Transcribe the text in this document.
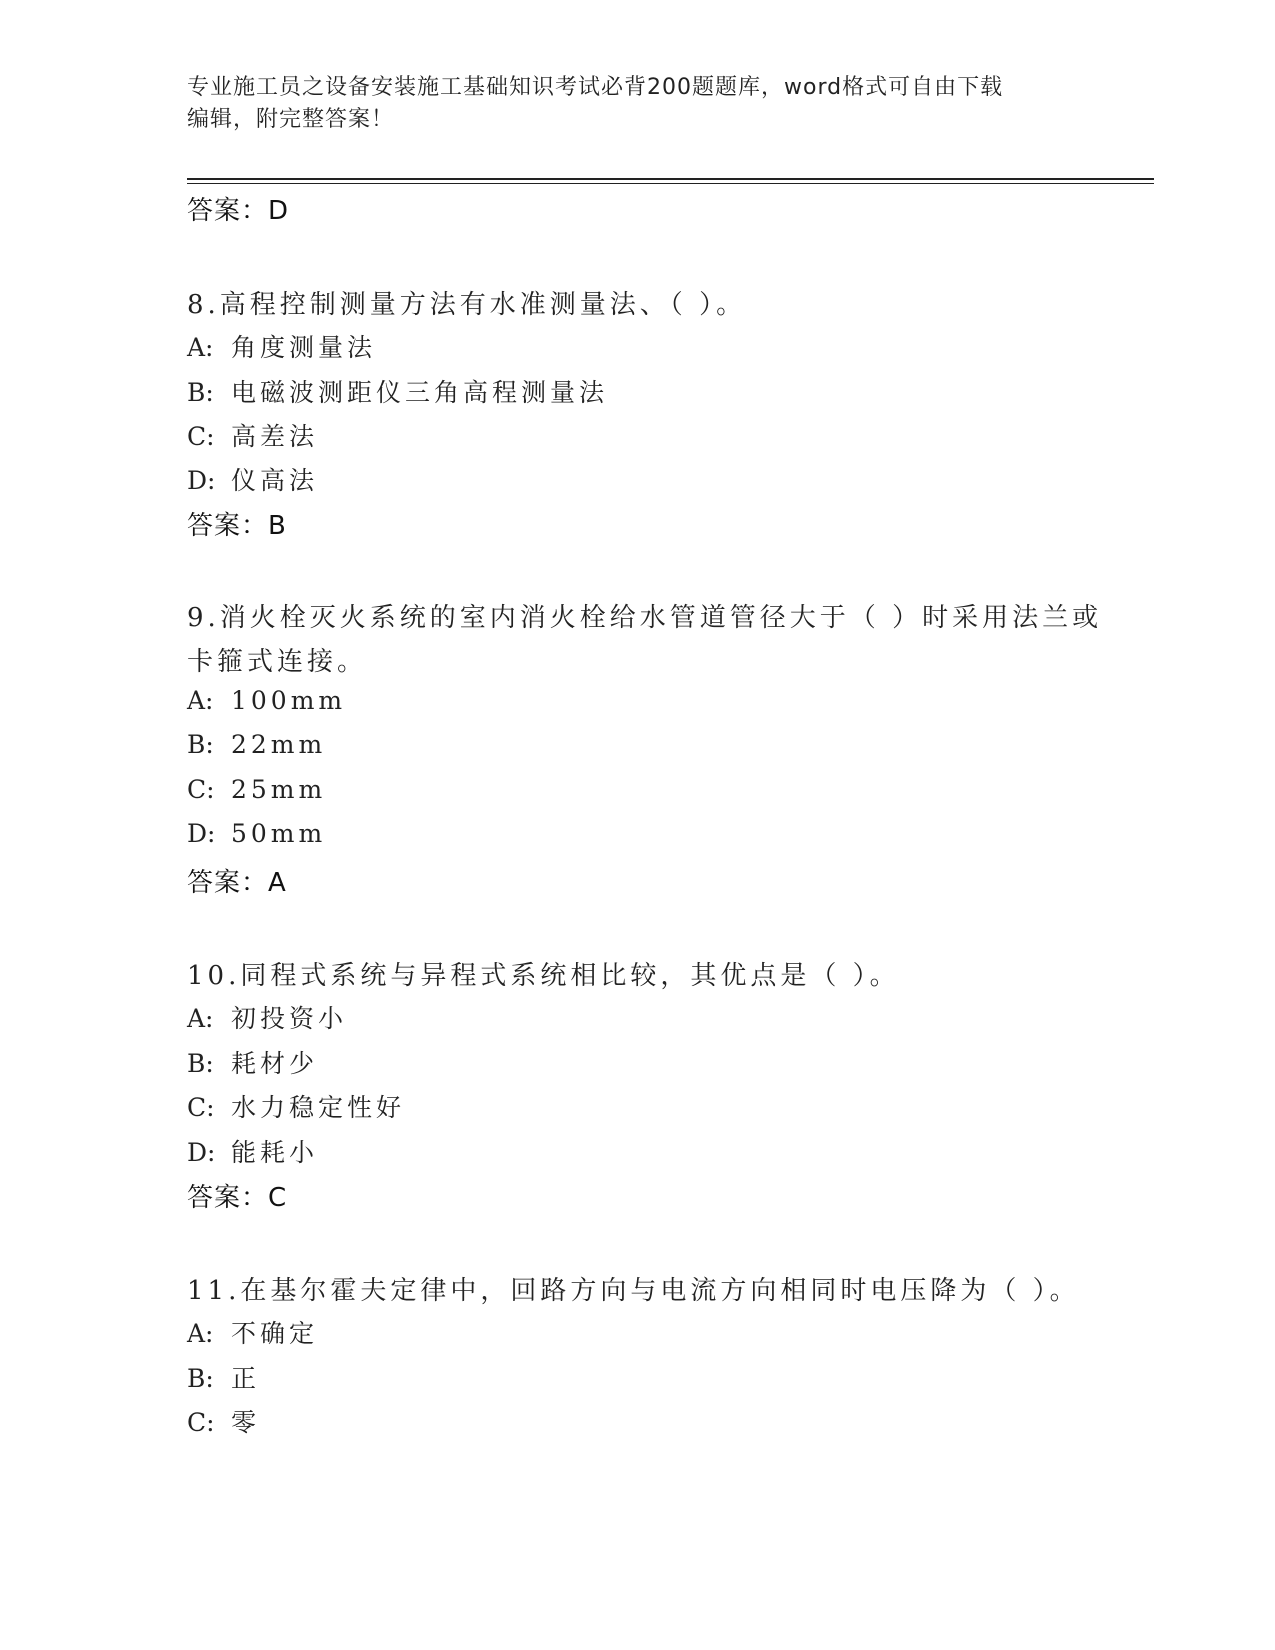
专业施工员之设备安装施工基础知识考试必背200题题库，word格式可自由下载
编辑，附完整答案！
答案：D
8.高程控制测量方法有水准测量法、（ ）。
A: 角度测量法
B: 电磁波测距仪三角高程测量法
C: 高差法
D: 仪高法
答案：B
9.消火栓灭火系统的室内消火栓给水管道管径大于（ ）时采用法兰或
卡箍式连接。
A: 100mm
B: 22mm
C: 25mm
D: 50mm
答案：A
10.同程式系统与异程式系统相比较，其优点是（ ）。
A: 初投资小
B: 耗材少
C: 水力稳定性好
D: 能耗小
答案：C
11.在基尔霍夫定律中，回路方向与电流方向相同时电压降为（ ）。
A: 不确定
B: 正
C: 零
